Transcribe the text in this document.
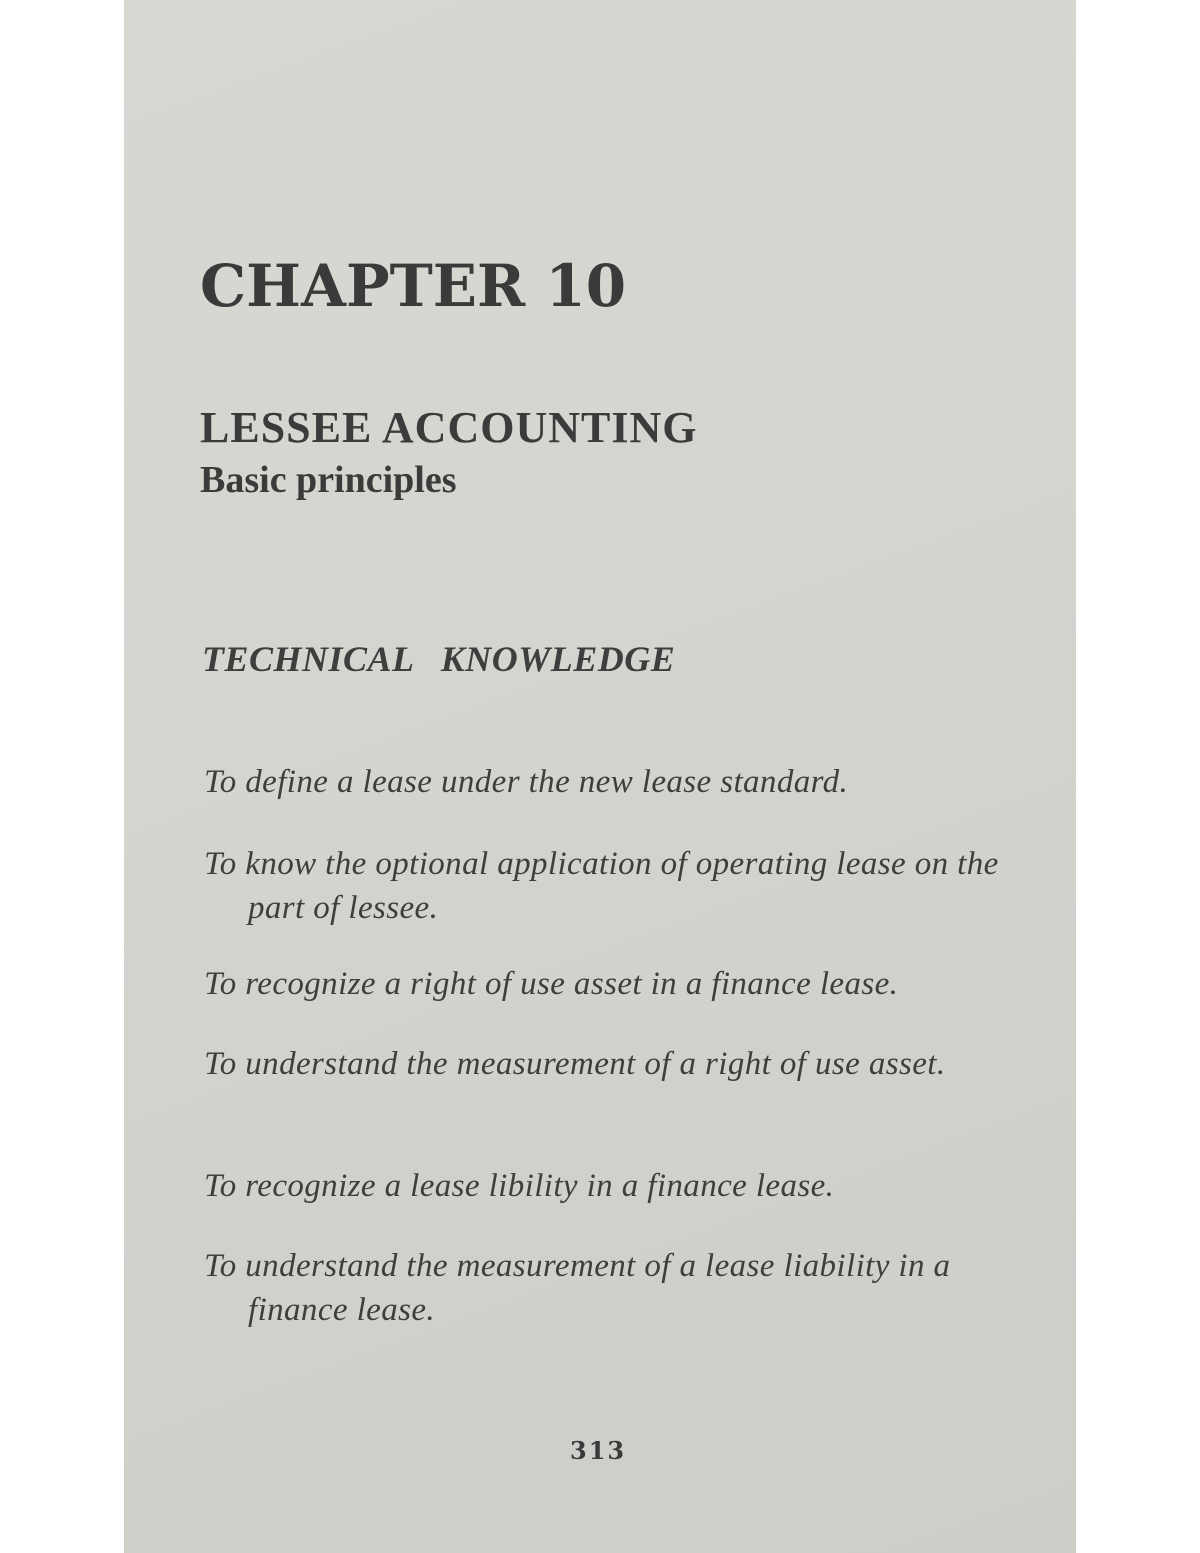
CHAPTER 10
LESSEE ACCOUNTING
Basic principles
TECHNICAL KNOWLEDGE
To define a lease under the new lease standard.
To know the optional application of operating lease on the part of lessee.
To recognize a right of use asset in a finance lease.
To understand the measurement of a right of use asset.
To recognize a lease libility in a finance lease.
To understand the measurement of a lease liability in a finance lease.

313
